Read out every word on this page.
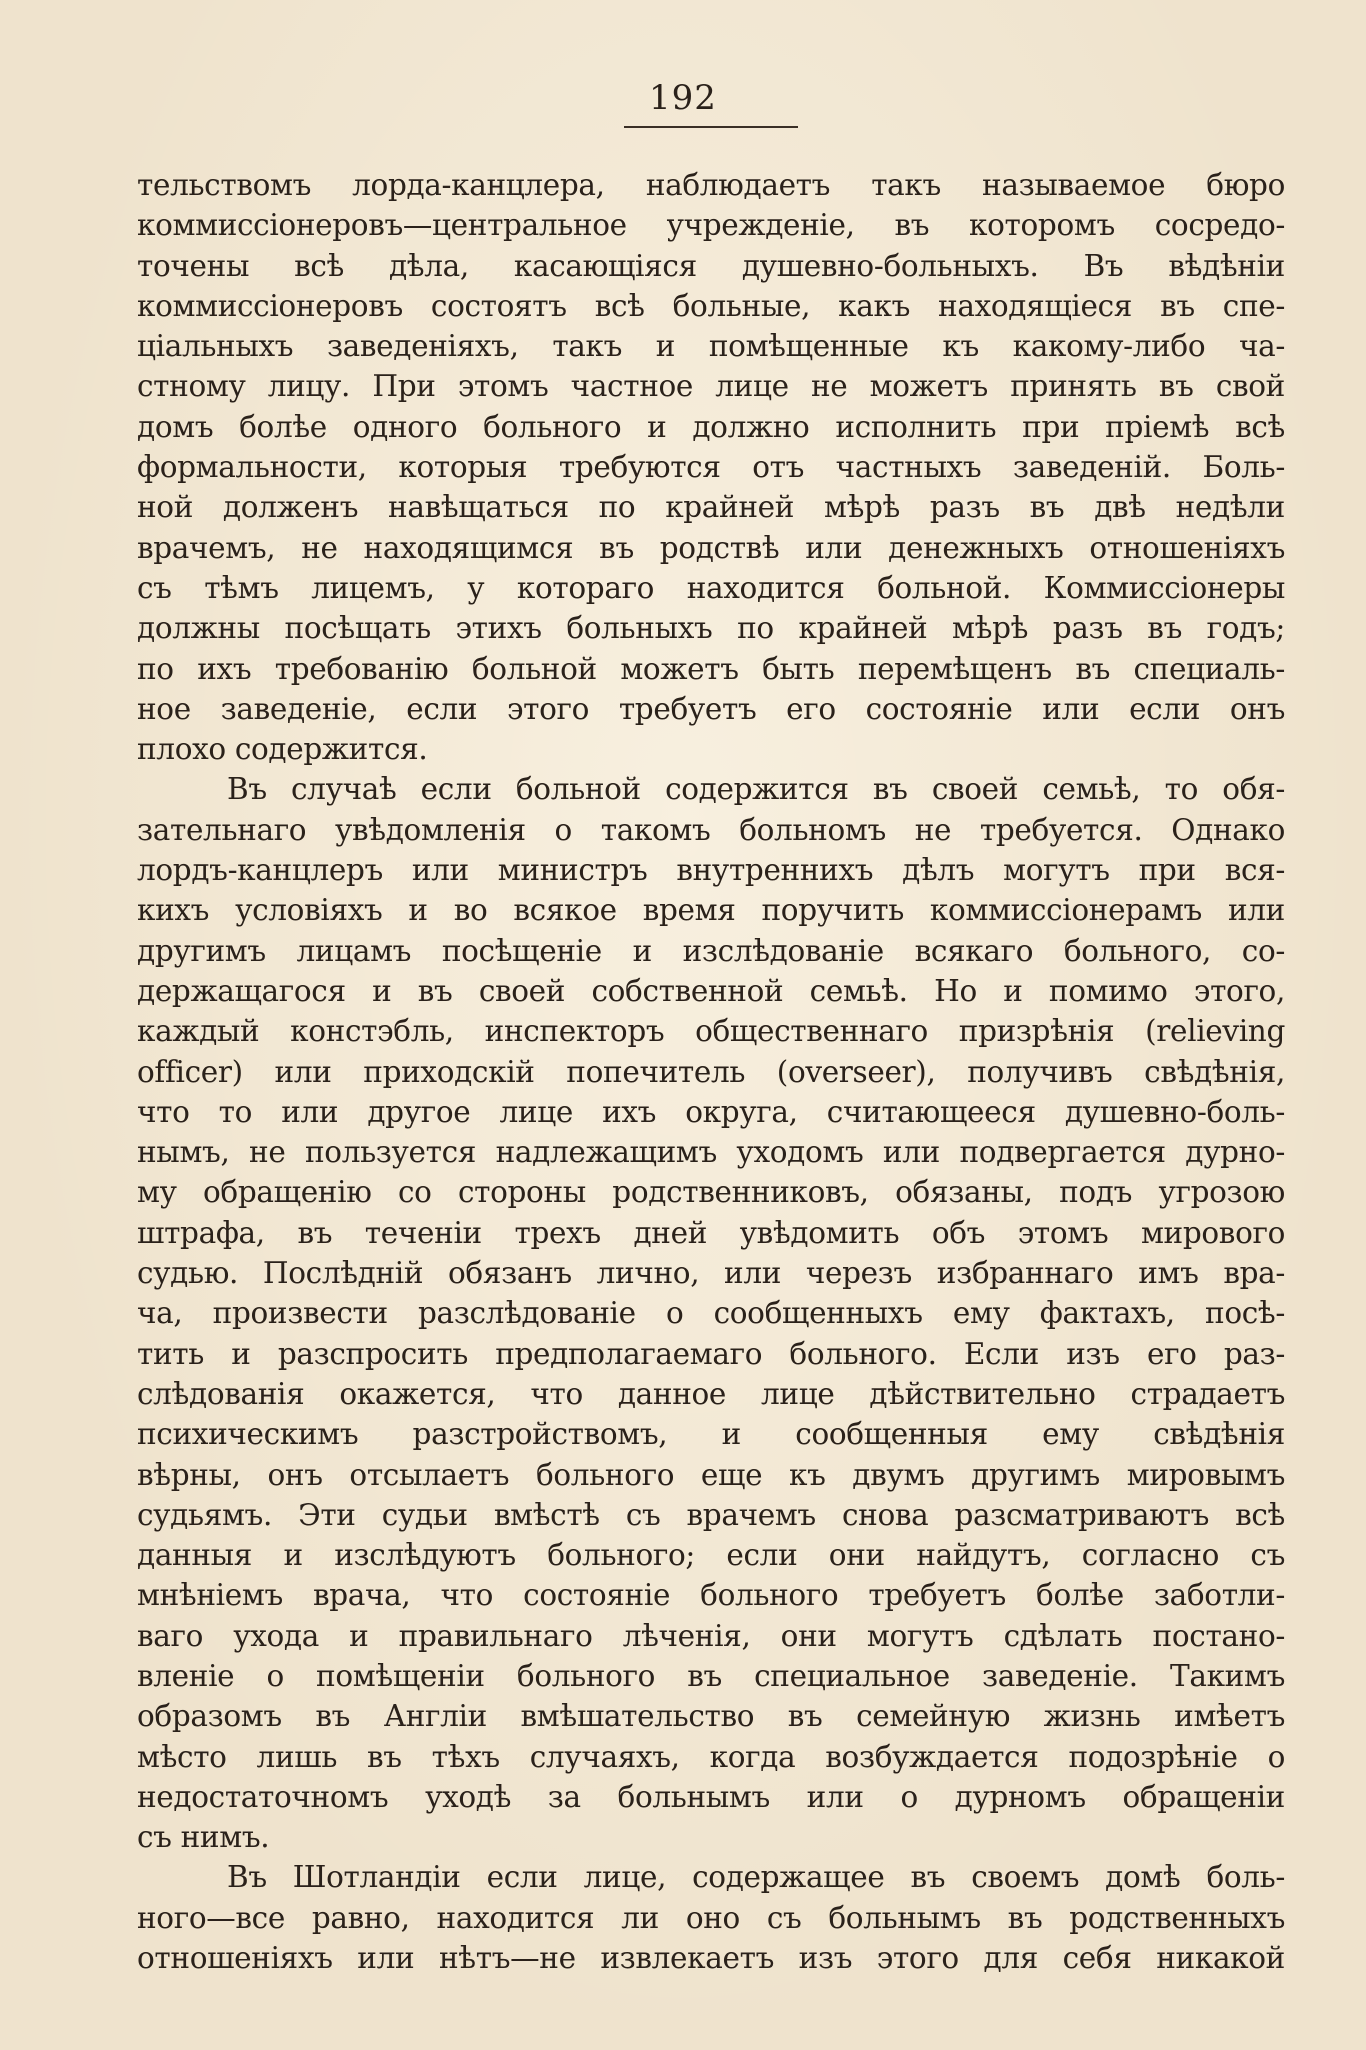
192
тельствомъ лорда-канцлера, наблюдаетъ такъ называемое бюро
коммиссіонеровъ—центральное учрежденіе, въ которомъ сосредо-
точены всѣ дѣла, касающіяся душевно-больныхъ. Въ вѣдѣніи
коммиссіонеровъ состоятъ всѣ больные, какъ находящіеся въ спе-
ціальныхъ заведеніяхъ, такъ и помѣщенные къ какому-либо ча-
стному лицу. При этомъ частное лице не можетъ принять въ свой
домъ болѣе одного больного и должно исполнить при пріемѣ всѣ
формальности, которыя требуются отъ частныхъ заведеній. Боль-
ной долженъ навѣщаться по крайней мѣрѣ разъ въ двѣ недѣли
врачемъ, не находящимся въ родствѣ или денежныхъ отношеніяхъ
съ тѣмъ лицемъ, у котораго находится больной. Коммиссіонеры
должны посѣщать этихъ больныхъ по крайней мѣрѣ разъ въ годъ;
по ихъ требованію больной можетъ быть перемѣщенъ въ специаль-
ное заведеніе, если этого требуетъ его состояніе или если онъ
плохо содержится.
Въ случаѣ если больной содержится въ своей семьѣ, то обя-
зательнаго увѣдомленія о такомъ больномъ не требуется. Однако
лордъ-канцлеръ или министръ внутреннихъ дѣлъ могутъ при вся-
кихъ условіяхъ и во всякое время поручить коммиссіонерамъ или
другимъ лицамъ посѣщеніе и изслѣдованіе всякаго больного, со-
держащагося и въ своей собственной семьѣ. Но и помимо этого,
каждый констэбль, инспекторъ общественнаго призрѣнія (relieving
officer) или приходскій попечитель (overseer), получивъ свѣдѣнія,
что то или другое лице ихъ округа, считающееся душевно-боль-
нымъ, не пользуется надлежащимъ уходомъ или подвергается дурно-
му обращенію со стороны родственниковъ, обязаны, подъ угрозою
штрафа, въ теченіи трехъ дней увѣдомить объ этомъ мирового
судью. Послѣдній обязанъ лично, или черезъ избраннаго имъ вра-
ча, произвести разслѣдованіе о сообщенныхъ ему фактахъ, посѣ-
тить и разспросить предполагаемаго больного. Если изъ его раз-
слѣдованія окажется, что данное лице дѣйствительно страдаетъ
психическимъ разстройствомъ, и сообщенныя ему свѣдѣнія
вѣрны, онъ отсылаетъ больного еще къ двумъ другимъ мировымъ
судьямъ. Эти судьи вмѣстѣ съ врачемъ снова разсматриваютъ всѣ
данныя и изслѣдуютъ больного; если они найдутъ, согласно съ
мнѣніемъ врача, что состояніе больного требуетъ болѣе заботли-
ваго ухода и правильнаго лѣченія, они могутъ сдѣлать постано-
вленіе о помѣщеніи больного въ специальное заведеніе. Такимъ
образомъ въ Англіи вмѣшательство въ семейную жизнь имѣетъ
мѣсто лишь въ тѣхъ случаяхъ, когда возбуждается подозрѣніе о
недостаточномъ уходѣ за больнымъ или о дурномъ обращеніи
съ нимъ.
Въ Шотландіи если лице, содержащее въ своемъ домѣ боль-
ного—все равно, находится ли оно съ больнымъ въ родственныхъ
отношеніяхъ или нѣтъ—не извлекаетъ изъ этого для себя никакой
